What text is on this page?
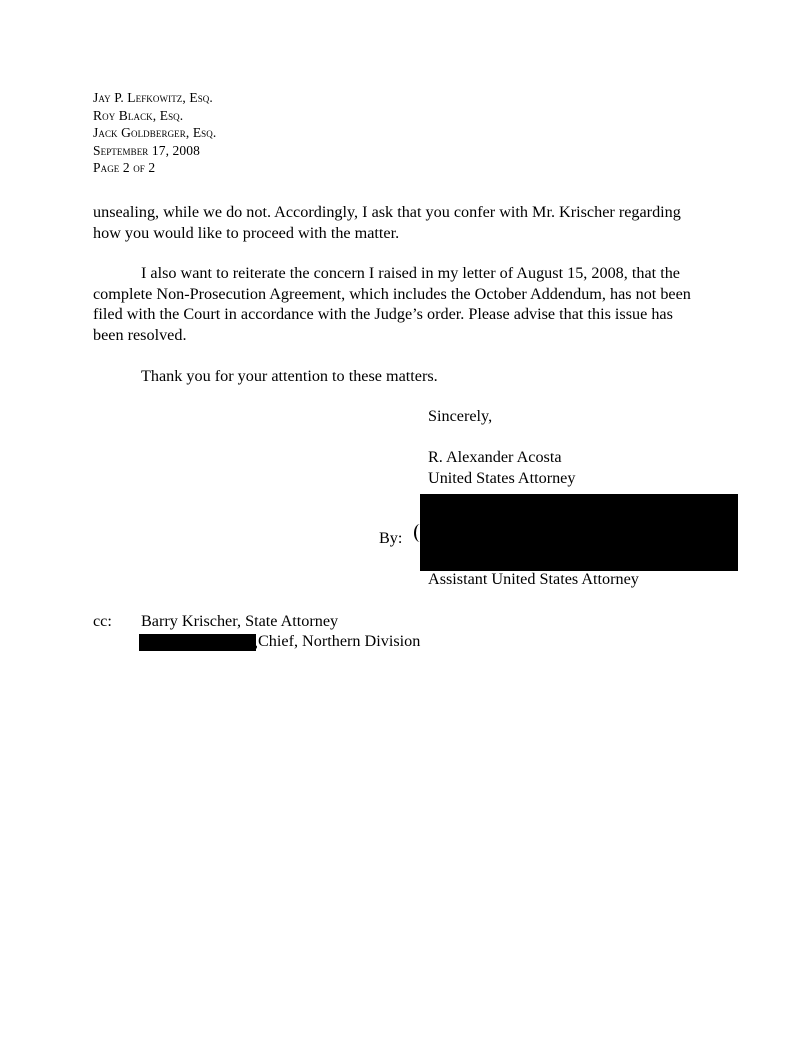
Jay P. Lefkowitz, Esq.
Roy Black, Esq.
Jack Goldberger, Esq.
September 17, 2008
Page 2 of 2
unsealing, while we do not. Accordingly, I ask that you confer with Mr. Krischer regarding
how you would like to proceed with the matter.
I also want to reiterate the concern I raised in my letter of August 15, 2008, that the
complete Non-Prosecution Agreement, which includes the October Addendum, has not been
filed with the Court in accordance with the Judge’s order. Please advise that this issue has
been resolved.
Thank you for your attention to these matters.
Sincerely,
R. Alexander Acosta
United States Attorney
By:
Assistant United States Attorney
cc: Barry Krischer, State Attorney
, Chief, Northern Division
